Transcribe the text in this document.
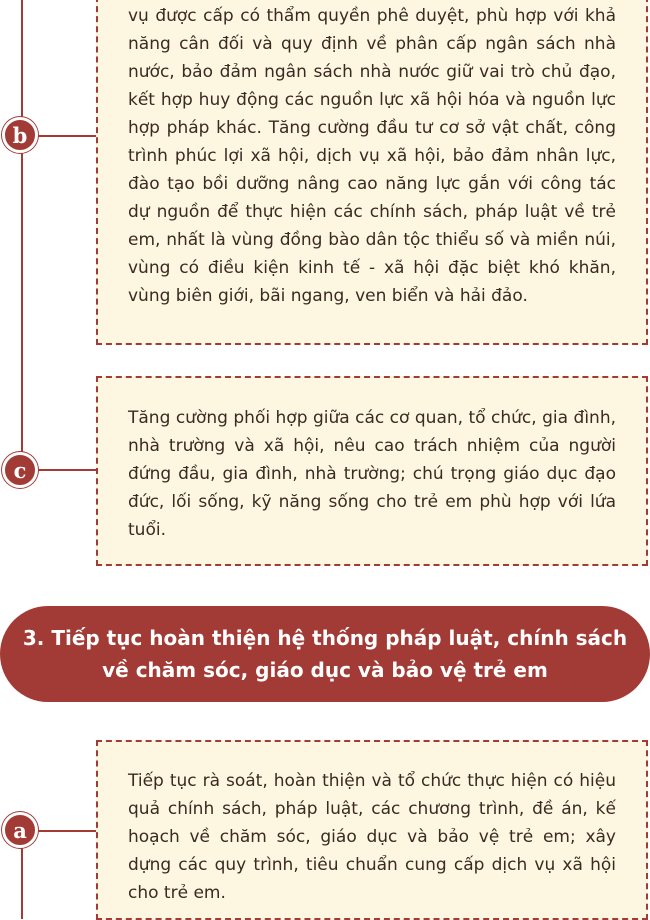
b

vụ được cấp có thẩm quyền phê duyệt, phù hợp với khả năng cân đối và quy định về phân cấp ngân sách nhà nước, bảo đảm ngân sách nhà nước giữ vai trò chủ đạo, kết hợp huy động các nguồn lực xã hội hóa và nguồn lực hợp pháp khác. Tăng cường đầu tư cơ sở vật chất, công trình phúc lợi xã hội, dịch vụ xã hội, bảo đảm nhân lực, đào tạo bồi dưỡng nâng cao năng lực gắn với công tác dự nguồn để thực hiện các chính sách, pháp luật về trẻ em, nhất là vùng đồng bào dân tộc thiểu số và miền núi, vùng có điều kiện kinh tế - xã hội đặc biệt khó khăn, vùng biên giới, bãi ngang, ven biển và hải đảo.

c

Tăng cường phối hợp giữa các cơ quan, tổ chức, gia đình, nhà trường và xã hội, nêu cao trách nhiệm của người đứng đầu, gia đình, nhà trường; chú trọng giáo dục đạo đức, lối sống, kỹ năng sống cho trẻ em phù hợp với lứa tuổi.

3. Tiếp tục hoàn thiện hệ thống pháp luật, chính sách
về chăm sóc, giáo dục và bảo vệ trẻ em
a

Tiếp tục rà soát, hoàn thiện và tổ chức thực hiện có hiệu quả chính sách, pháp luật, các chương trình, đề án, kế hoạch về chăm sóc, giáo dục và bảo vệ trẻ em; xây dựng các quy trình, tiêu chuẩn cung cấp dịch vụ xã hội cho trẻ em.
